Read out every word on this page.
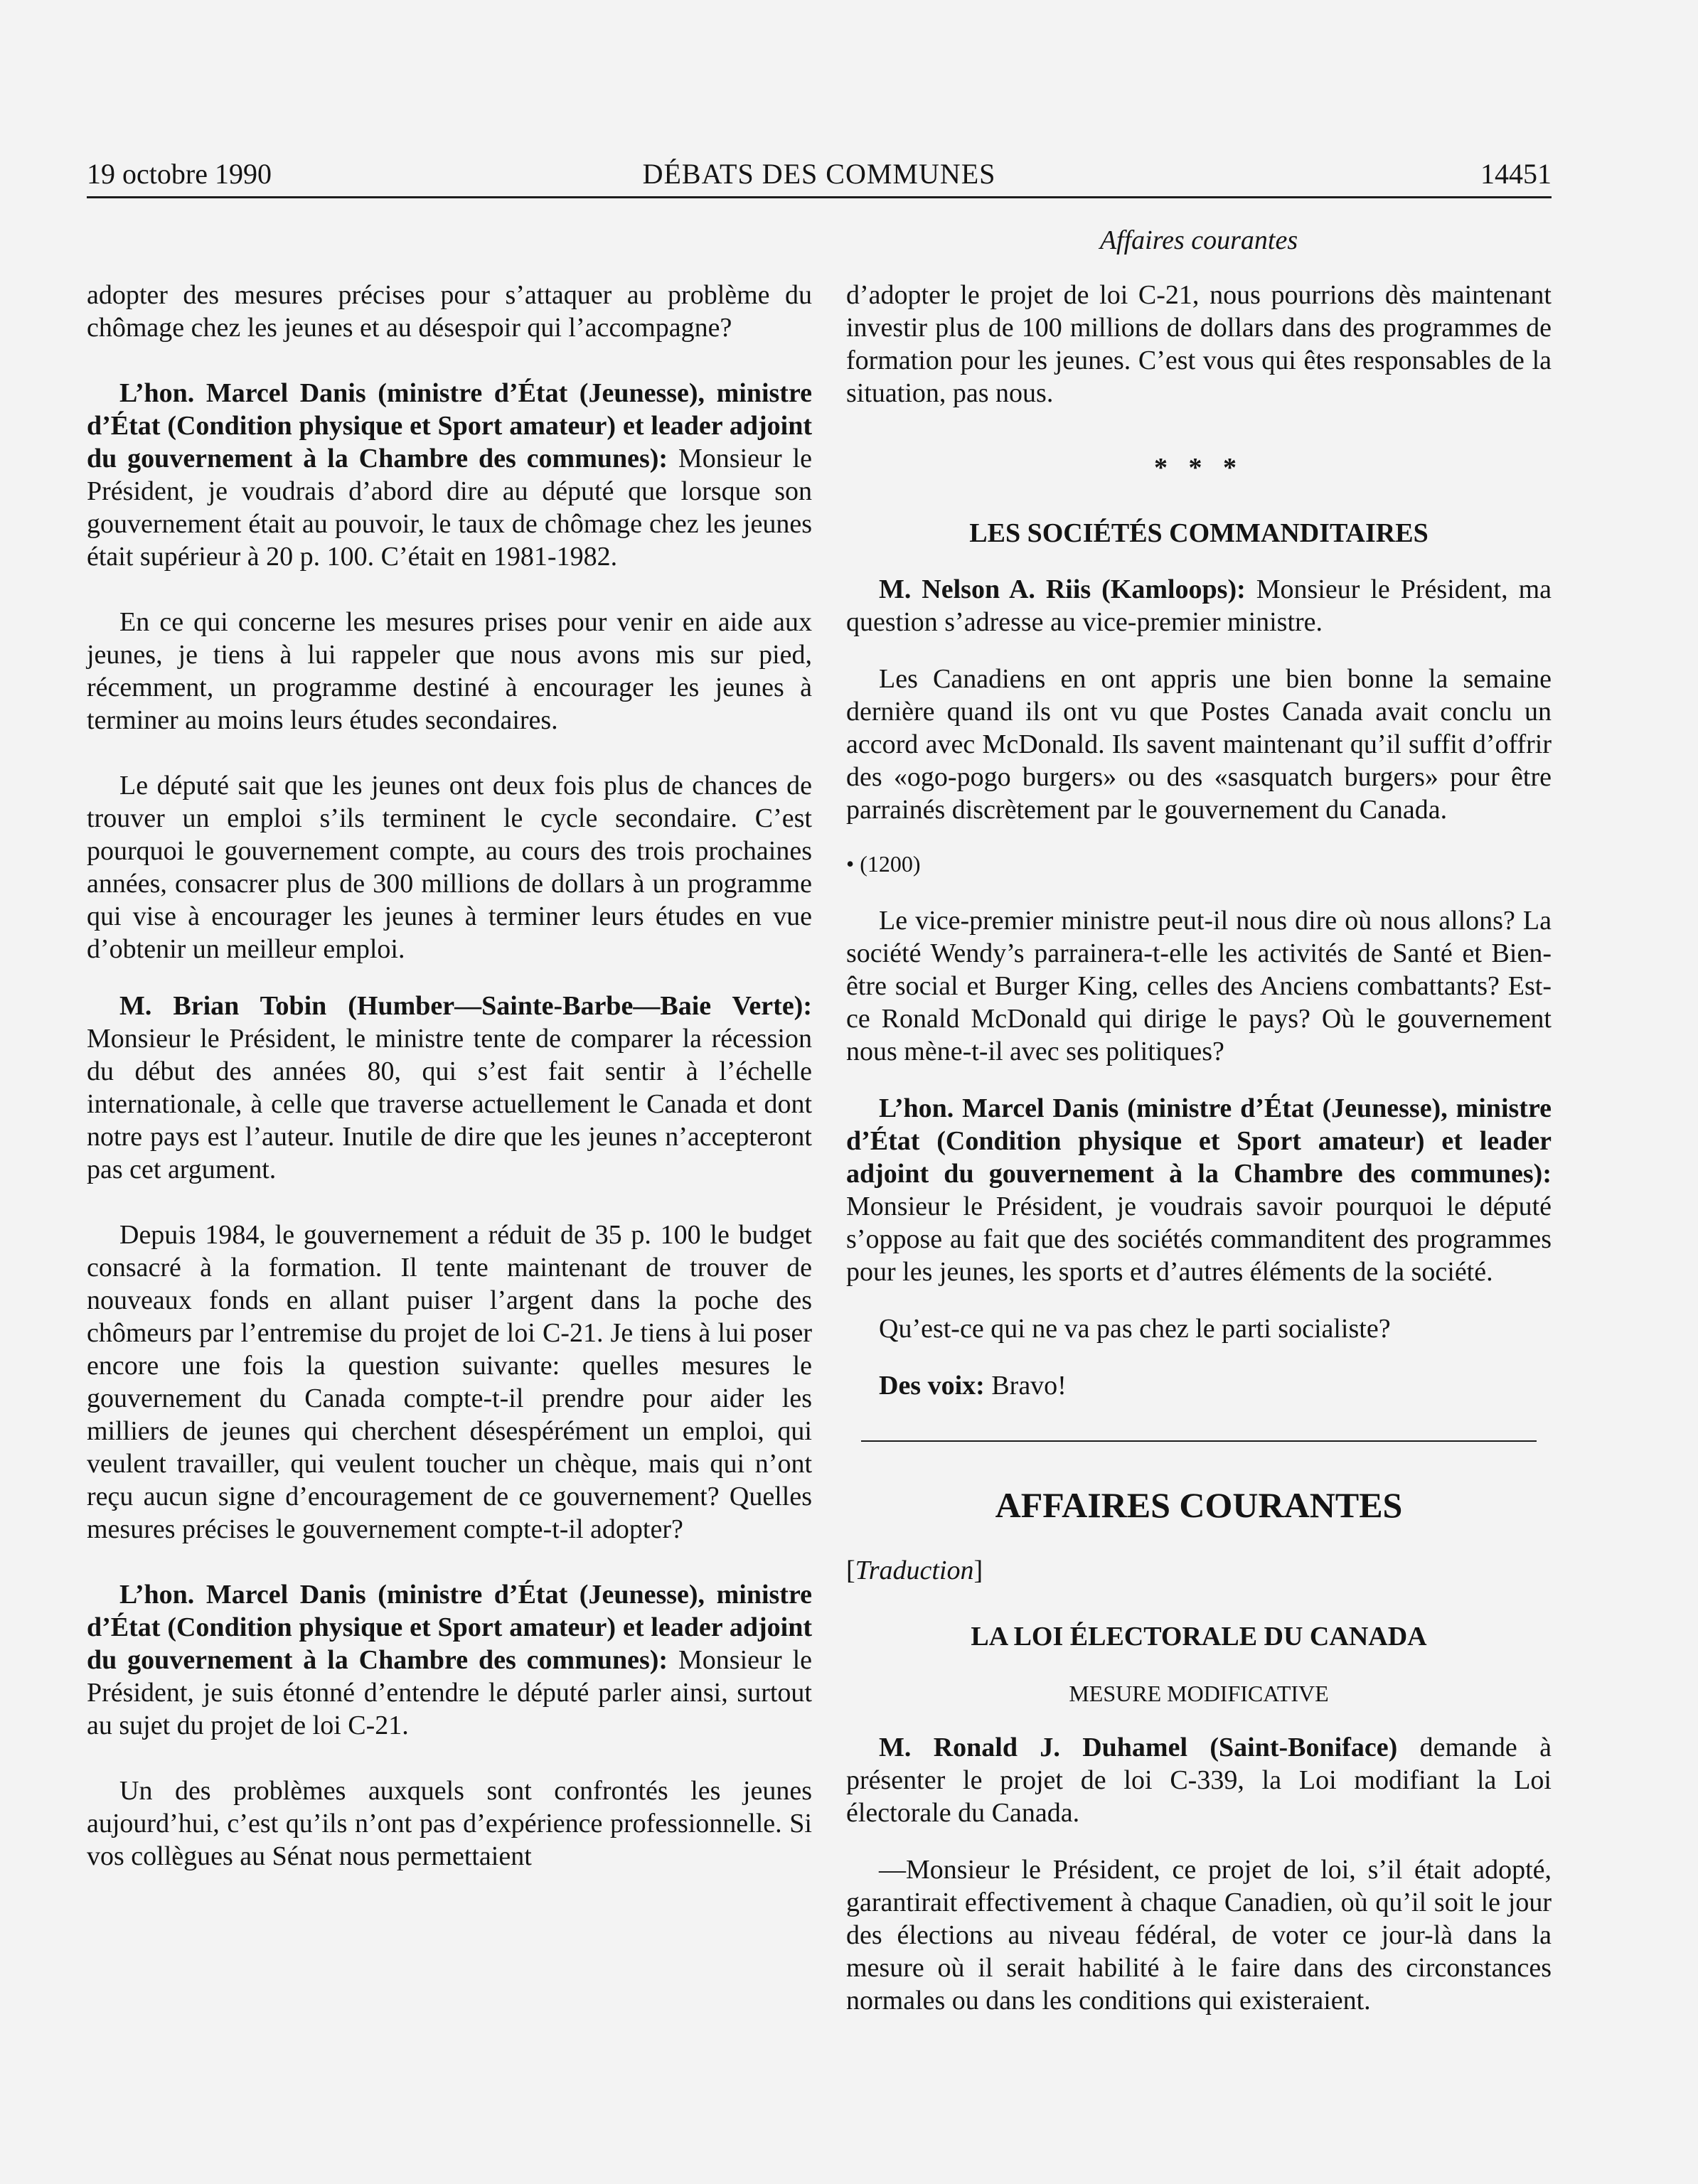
19 octobre 1990	DÉBATS DES COMMUNES	14451
Affaires courantes

adopter des mesures précises pour s’attaquer au problème du chômage chez les jeunes et au désespoir qui l’accompagne?

L’hon. Marcel Danis (ministre d’État (Jeunesse), ministre d’État (Condition physique et Sport amateur) et leader adjoint du gouvernement à la Chambre des communes): Monsieur le Président, je voudrais d’abord dire au député que lorsque son gouvernement était au pouvoir, le taux de chômage chez les jeunes était supérieur à 20 p. 100. C’était en 1981-1982.

En ce qui concerne les mesures prises pour venir en aide aux jeunes, je tiens à lui rappeler que nous avons mis sur pied, récemment, un programme destiné à encourager les jeunes à terminer au moins leurs études secondaires.

Le député sait que les jeunes ont deux fois plus de chances de trouver un emploi s’ils terminent le cycle secondaire. C’est pourquoi le gouvernement compte, au cours des trois prochaines années, consacrer plus de 300 millions de dollars à un programme qui vise à encourager les jeunes à terminer leurs études en vue d’obtenir un meilleur emploi.

M. Brian Tobin (Humber—Sainte-Barbe—Baie Verte): Monsieur le Président, le ministre tente de comparer la récession du début des années 80, qui s’est fait sentir à l’échelle internationale, à celle que traverse actuellement le Canada et dont notre pays est l’auteur. Inutile de dire que les jeunes n’accepteront pas cet argument.

Depuis 1984, le gouvernement a réduit de 35 p. 100 le budget consacré à la formation. Il tente maintenant de trouver de nouveaux fonds en allant puiser l’argent dans la poche des chômeurs par l’entremise du projet de loi C-21. Je tiens à lui poser encore une fois la question suivante: quelles mesures le gouvernement du Canada compte-t-il prendre pour aider les milliers de jeunes qui cherchent désespérément un emploi, qui veulent travailler, qui veulent toucher un chèque, mais qui n’ont reçu aucun signe d’encouragement de ce gouvernement? Quelles mesures précises le gouvernement compte-t-il adopter?

L’hon. Marcel Danis (ministre d’État (Jeunesse), ministre d’État (Condition physique et Sport amateur) et leader adjoint du gouvernement à la Chambre des communes): Monsieur le Président, je suis étonné d’entendre le député parler ainsi, surtout au sujet du projet de loi C-21.

Un des problèmes auxquels sont confrontés les jeunes aujourd’hui, c’est qu’ils n’ont pas d’expérience professionnelle. Si vos collègues au Sénat nous permettaient

d’adopter le projet de loi C-21, nous pourrions dès maintenant investir plus de 100 millions de dollars dans des programmes de formation pour les jeunes. C’est vous qui êtes responsables de la situation, pas nous.

* * *
LES SOCIÉTÉS COMMANDITAIRES

M. Nelson A. Riis (Kamloops): Monsieur le Président, ma question s’adresse au vice-premier ministre.

Les Canadiens en ont appris une bien bonne la semaine dernière quand ils ont vu que Postes Canada avait conclu un accord avec McDonald. Ils savent maintenant qu’il suffit d’offrir des «ogo-pogo burgers» ou des «sasquatch burgers» pour être parrainés discrètement par le gouvernement du Canada.

• (1200)

Le vice-premier ministre peut-il nous dire où nous allons? La société Wendy’s parrainera-t-elle les activités de Santé et Bien-être social et Burger King, celles des Anciens combattants? Est-ce Ronald McDonald qui dirige le pays? Où le gouvernement nous mène-t-il avec ses politiques?

L’hon. Marcel Danis (ministre d’État (Jeunesse), ministre d’État (Condition physique et Sport amateur) et leader adjoint du gouvernement à la Chambre des communes): Monsieur le Président, je voudrais savoir pourquoi le député s’oppose au fait que des sociétés commanditent des programmes pour les jeunes, les sports et d’autres éléments de la société.

Qu’est-ce qui ne va pas chez le parti socialiste?

Des voix: Bravo!

AFFAIRES COURANTES

[Traduction]

LA LOI ÉLECTORALE DU CANADA
MESURE MODIFICATIVE

M. Ronald J. Duhamel (Saint-Boniface) demande à présenter le projet de loi C-339, la Loi modifiant la Loi électorale du Canada.

—Monsieur le Président, ce projet de loi, s’il était adopté, garantirait effectivement à chaque Canadien, où qu’il soit le jour des élections au niveau fédéral, de voter ce jour-là dans la mesure où il serait habilité à le faire dans des circonstances normales ou dans les conditions qui existeraient.
